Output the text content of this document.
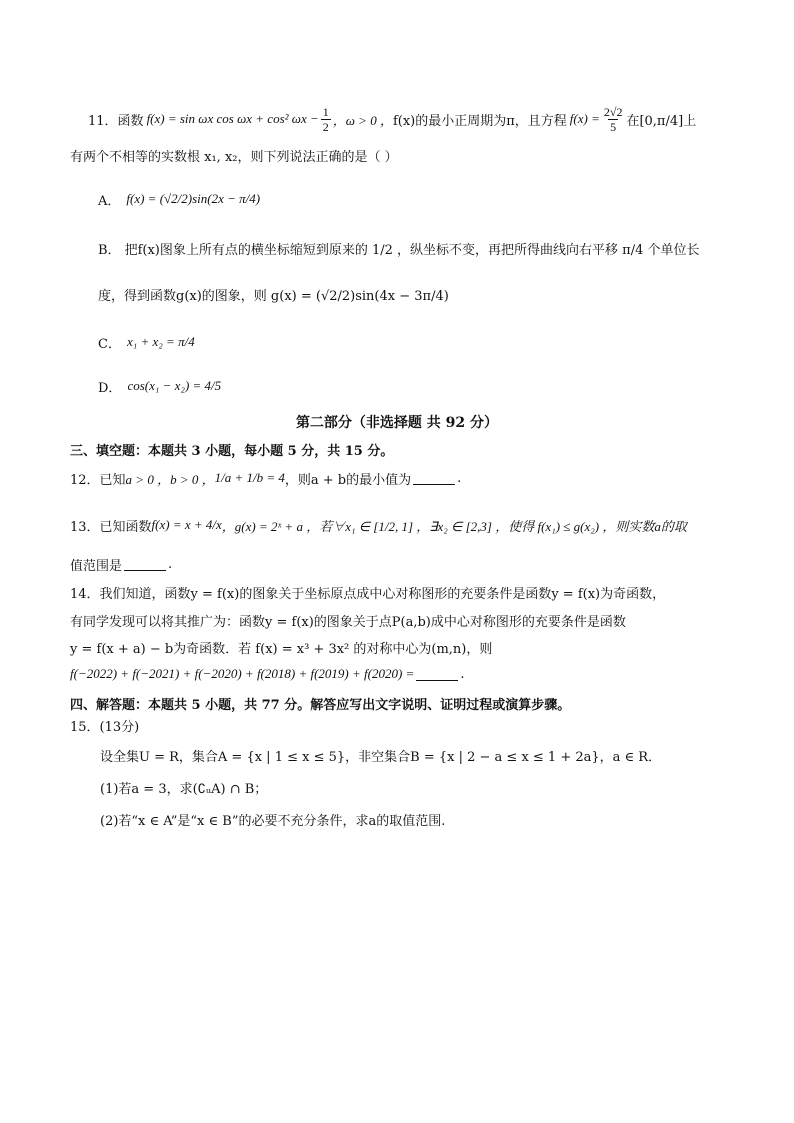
11． 函数 f(x) = sin ωx cos ωx + cos² $\omega x - \frac{1}{2}$ ，ω > 0 ， f(x)的最小正周期为π，且方程 $f(x) = \frac{2√2}{5}$ 在[0,π/4]上
有两个不相等的实数根 x₁, x₂，则下列说法正确的是（ ）
A． f(x) = (√2/2)sin(2x − π/4)
B． 把f(x)图象上所有点的横坐标缩短到原来的 1/2 ，纵坐标不变，再把所得曲线向右平移 π/4 个单位长
度，得到函数g(x)的图象，则 g(x) = (√2/2)sin(4x − 3π/4)
C． x₁ + x₂ = π/4
D． cos(x₁ − x₂) = 4/5
第二部分（非选择题 共 92 分）
三、填空题：本题共 3 小题，每小题 5 分，共 15 分。
12．已知 a > 0 ，b > 0 ， 1/a + 1/b = 4 ，则a + b的最小值为	.
13．已知函数 f(x) = x + 4/x ，g(x) = 2ˣ + a ，若∀x₁ ∈ [1/2, 1] ，∃x₂ ∈ [2,3] ，使得 f(x₁) ≤ g(x₂) ，则实数a的取
值范围是	.
14．我们知道，函数y = f(x)的图象关于坐标原点成中心对称图形的充要条件是函数y = f(x)为奇函数，
有同学发现可以将其推广为：函数y = f(x)的图象关于点P(a,b)成中心对称图形的充要条件是函数
y = f(x + a) − b为奇函数．若 f(x) = x³ + 3x² 的对称中心为(m,n)，则
f(−2022) + f(−2021) + f(−2020) + f(2018) + f(2019) + f(2020) =	.
四、解答题：本题共 5 小题，共 77 分。解答应写出文字说明、证明过程或演算步骤。
15．(13分)
设全集U = R，集合A = {x | 1 ≤ x ≤ 5}，非空集合B = {x | 2 − a ≤ x ≤ 1 + 2a}，a ∈ R．
(1)若a = 3，求(∁ᵤA) ∩ B；
(2)若“x ∈ A”是“x ∈ B”的必要不充分条件，求a的取值范围.
